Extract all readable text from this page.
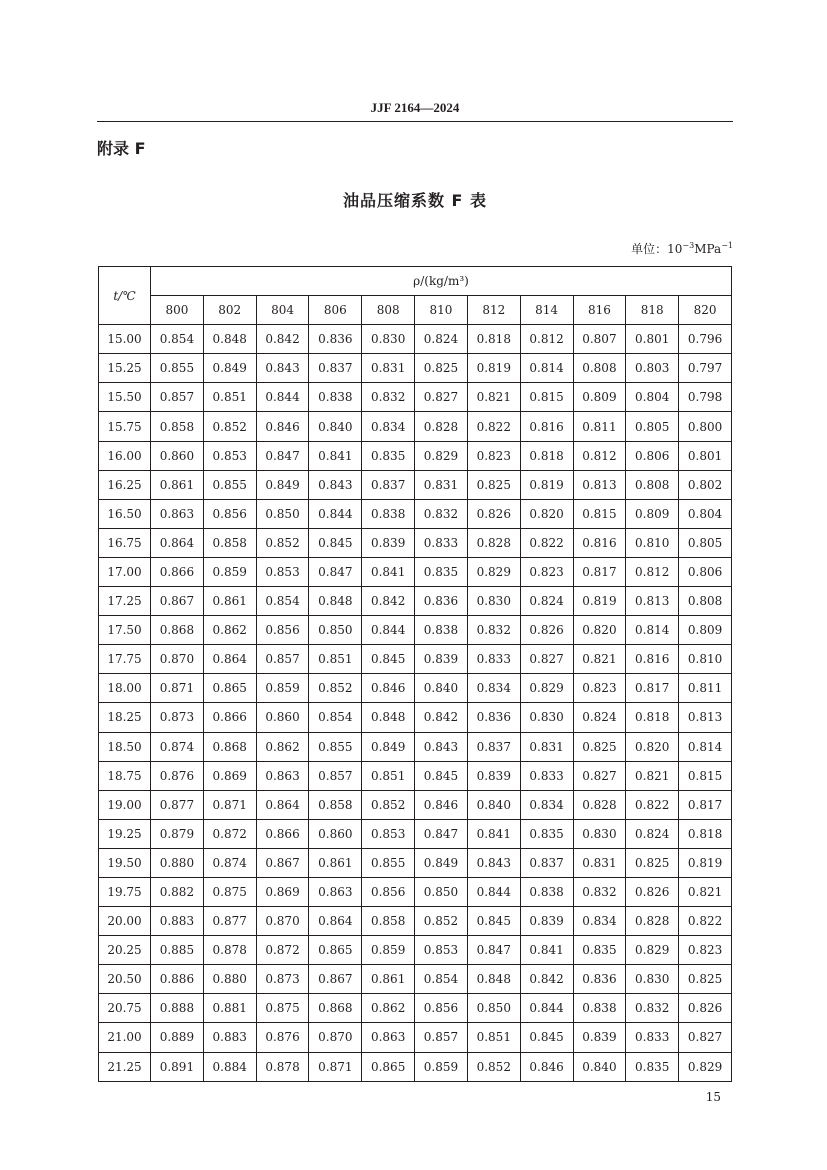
JJF 2164—2024
附录 F
油品压缩系数 F 表
单位：$10^{-3}MPa^{-1}$
t/℃	ρ/(kg/m³)										
	800	802	804	806	808	810	812	814	816	818	820
15.00	0.854	0.848	0.842	0.836	0.830	0.824	0.818	0.812	0.807	0.801	0.796
15.25	0.855	0.849	0.843	0.837	0.831	0.825	0.819	0.814	0.808	0.803	0.797
15.50	0.857	0.851	0.844	0.838	0.832	0.827	0.821	0.815	0.809	0.804	0.798
15.75	0.858	0.852	0.846	0.840	0.834	0.828	0.822	0.816	0.811	0.805	0.800
16.00	0.860	0.853	0.847	0.841	0.835	0.829	0.823	0.818	0.812	0.806	0.801
16.25	0.861	0.855	0.849	0.843	0.837	0.831	0.825	0.819	0.813	0.808	0.802
16.50	0.863	0.856	0.850	0.844	0.838	0.832	0.826	0.820	0.815	0.809	0.804
16.75	0.864	0.858	0.852	0.845	0.839	0.833	0.828	0.822	0.816	0.810	0.805
17.00	0.866	0.859	0.853	0.847	0.841	0.835	0.829	0.823	0.817	0.812	0.806
17.25	0.867	0.861	0.854	0.848	0.842	0.836	0.830	0.824	0.819	0.813	0.808
17.50	0.868	0.862	0.856	0.850	0.844	0.838	0.832	0.826	0.820	0.814	0.809
17.75	0.870	0.864	0.857	0.851	0.845	0.839	0.833	0.827	0.821	0.816	0.810
18.00	0.871	0.865	0.859	0.852	0.846	0.840	0.834	0.829	0.823	0.817	0.811
18.25	0.873	0.866	0.860	0.854	0.848	0.842	0.836	0.830	0.824	0.818	0.813
18.50	0.874	0.868	0.862	0.855	0.849	0.843	0.837	0.831	0.825	0.820	0.814
18.75	0.876	0.869	0.863	0.857	0.851	0.845	0.839	0.833	0.827	0.821	0.815
19.00	0.877	0.871	0.864	0.858	0.852	0.846	0.840	0.834	0.828	0.822	0.817
19.25	0.879	0.872	0.866	0.860	0.853	0.847	0.841	0.835	0.830	0.824	0.818
19.50	0.880	0.874	0.867	0.861	0.855	0.849	0.843	0.837	0.831	0.825	0.819
19.75	0.882	0.875	0.869	0.863	0.856	0.850	0.844	0.838	0.832	0.826	0.821
20.00	0.883	0.877	0.870	0.864	0.858	0.852	0.845	0.839	0.834	0.828	0.822
20.25	0.885	0.878	0.872	0.865	0.859	0.853	0.847	0.841	0.835	0.829	0.823
20.50	0.886	0.880	0.873	0.867	0.861	0.854	0.848	0.842	0.836	0.830	0.825
20.75	0.888	0.881	0.875	0.868	0.862	0.856	0.850	0.844	0.838	0.832	0.826
21.00	0.889	0.883	0.876	0.870	0.863	0.857	0.851	0.845	0.839	0.833	0.827
21.25	0.891	0.884	0.878	0.871	0.865	0.859	0.852	0.846	0.840	0.835	0.829
15
